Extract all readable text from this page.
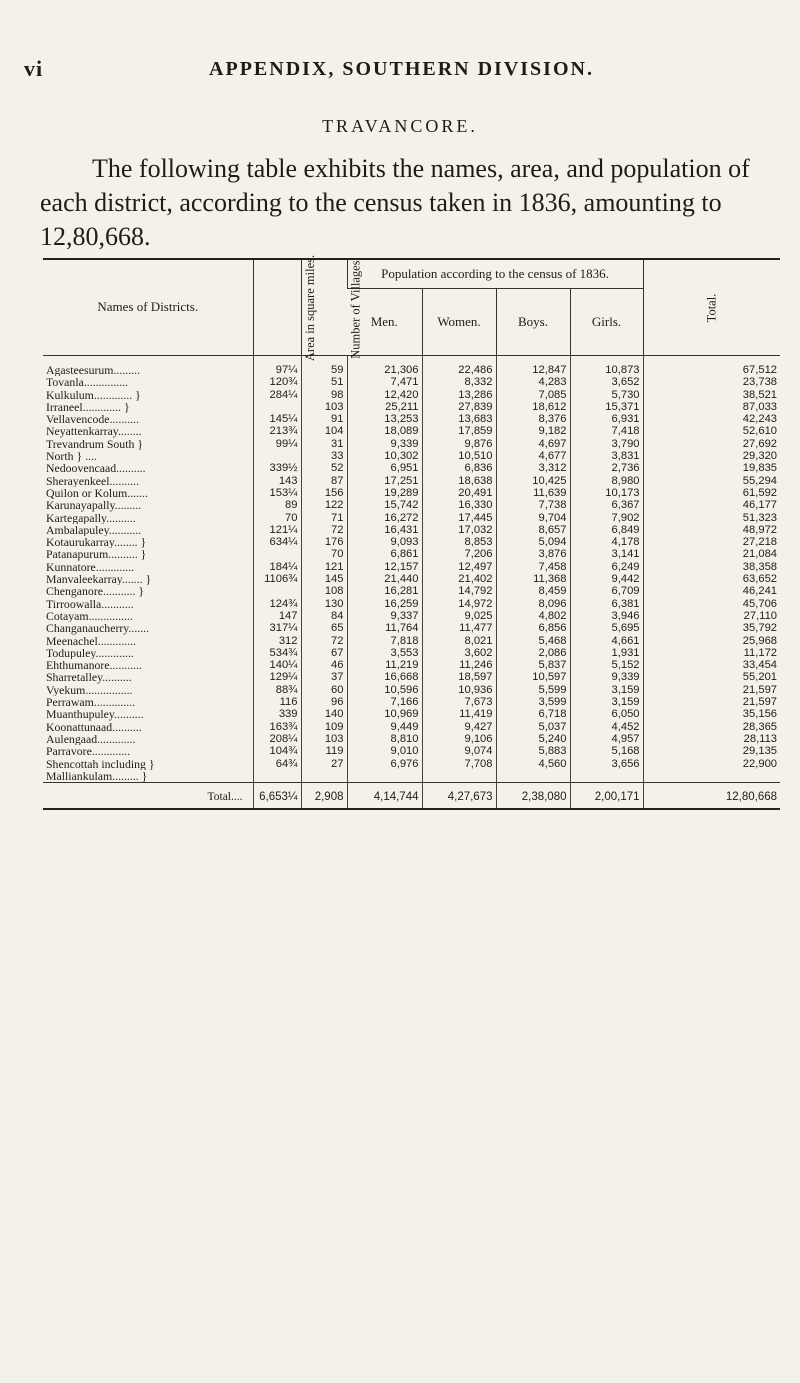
vi	APPENDIX, SOUTHERN DIVISION.
TRAVANCORE.

The following table exhibits the names, area, and population of each district, according to the census taken in 1836, amounting to 12,80,668.

Names of Districts.	Area in square miles.	Number of Villages.	Population according to the census of 1836.				Total.
			Men.	Women.	Boys.	Girls.	
Agasteesurum.........	97¼	59	21,306	22,486	12,847	10,873	67,512
Tovanla...............	120¾	51	7,471	8,332	4,283	3,652	23,738
Kulkulum............. }	284¼	98	12,420	13,286	7,085	5,730	38,521
Irraneel............. }		103	25,211	27,839	18,612	15,371	87,033
Vellavencode..........	145¼	91	13,253	13,683	8,376	6,931	42,243
Neyattenkarray........	213¾	104	18,089	17,859	9,182	7,418	52,610
Trevandrum South }	99¼	31	9,339	9,876	4,697	3,790	27,692
North } ....		33	10,302	10,510	4,677	3,831	29,320
Nedoovencaad..........	339½	52	6,951	6,836	3,312	2,736	19,835
Sherayenkeel..........	143	87	17,251	18,638	10,425	8,980	55,294
Quilon or Kolum.......	153¼	156	19,289	20,491	11,639	10,173	61,592
Karunayapally.........	89	122	15,742	16,330	7,738	6,367	46,177
Kartegapally..........	70	71	16,272	17,445	9,704	7,902	51,323
Ambalapuley...........	121¼	72	16,431	17,032	8,657	6,849	48,972
Kotaurukarray........ }	634¼	176	9,093	8,853	5,094	4,178	27,218
Patanapurum.......... }		70	6,861	7,206	3,876	3,141	21,084
Kunnatore.............	184¼	121	12,157	12,497	7,458	6,249	38,358
Manvaleekarray....... }	1106¾	145	21,440	21,402	11,368	9,442	63,652
Chenganore........... }		108	16,281	14,792	8,459	6,709	46,241
Tirroowalla...........	124¾	130	16,259	14,972	8,096	6,381	45,706
Cotayam...............	147	84	9,337	9,025	4,802	3,946	27,110
Changanaucherry.......	317¼	65	11,764	11,477	6,856	5,695	35,792
Meenachel.............	312	72	7,818	8,021	5,468	4,661	25,968
Todupuley.............	534¾	67	3,553	3,602	2,086	1,931	11,172
Ehthumanore...........	140¼	46	11,219	11,246	5,837	5,152	33,454
Sharretalley..........	129¼	37	16,668	18,597	10,597	9,339	55,201
Vyekum................	88¾	60	10,596	10,936	5,599	3,159	21,597
Perrawam..............	116	96	7,166	7,673	3,599	3,159	21,597
Muanthupuley..........	339	140	10,969	11,419	6,718	6,050	35,156
Koonattunaad..........	163¾	109	9,449	9,427	5,037	4,452	28,365
Aulengaad.............	208¼	103	8,810	9,106	5,240	4,957	28,113
Parravore.............	104¾	119	9,010	9,074	5,883	5,168	29,135
Shencottah including }	64¾	27	6,976	7,708	4,560	3,656	22,900
Malliankulam......... }							
Total....	6,653¼	2,908	4,14,744	4,27,673	2,38,080	2,00,171	12,80,668
